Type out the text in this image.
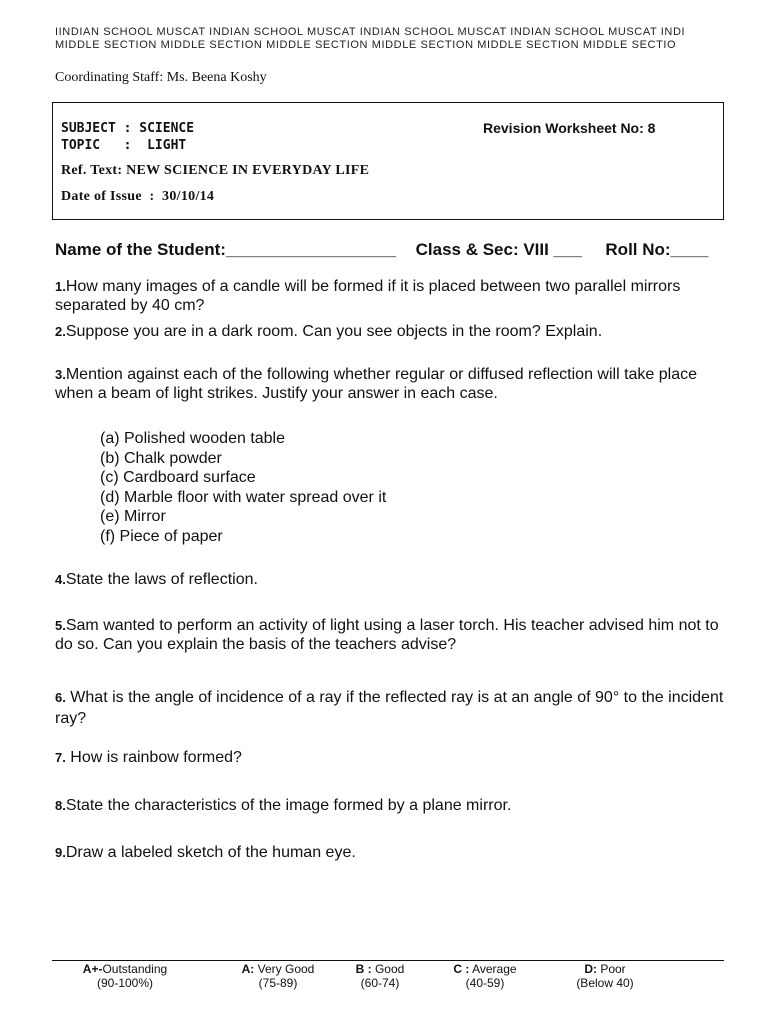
IINDIAN SCHOOL MUSCAT INDIAN SCHOOL MUSCAT INDIAN SCHOOL MUSCAT INDIAN SCHOOL MUSCAT INDI
MIDDLE SECTION MIDDLE SECTION MIDDLE SECTION MIDDLE SECTION MIDDLE SECTION MIDDLE SECTIO
Coordinating Staff: Ms. Beena Koshy
SUBJECT : SCIENCE	Revision Worksheet No: 8
TOPIC   :  LIGHT
Ref. Text: NEW SCIENCE IN EVERYDAY LIFE
Date of Issue  :  30/10/14
Name of the Student:__________________ Class & Sec: VIII ___ Roll No:____
1.How many images of a candle will be formed if it is placed between two parallel mirrors separated by 40 cm?
2.Suppose you are in a dark room. Can you see objects in the room? Explain.
3.Mention against each of the following whether regular or diffused reflection will take place when a beam of light strikes. Justify your answer in each case.
(a) Polished wooden table
(b) Chalk powder
(c) Cardboard surface
(d) Marble floor with water spread over it
(e) Mirror
(f) Piece of paper
4.State the laws of reflection.
5.Sam wanted to perform an activity of light using a laser torch. His teacher advised him not to do so. Can you explain the basis of the teachers advise?
6. What is the angle of incidence of a ray if the reflected ray is at an angle of 90° to the incident ray?
7. How is rainbow formed?
8.State the characteristics of the image formed by a plane mirror.
9.Draw a labeled sketch of the human eye.
A+-Outstanding
(90-100%)
A: Very Good
(75-89)
B : Good
(60-74)
C : Average
(40-59)
D: Poor
(Below 40)
